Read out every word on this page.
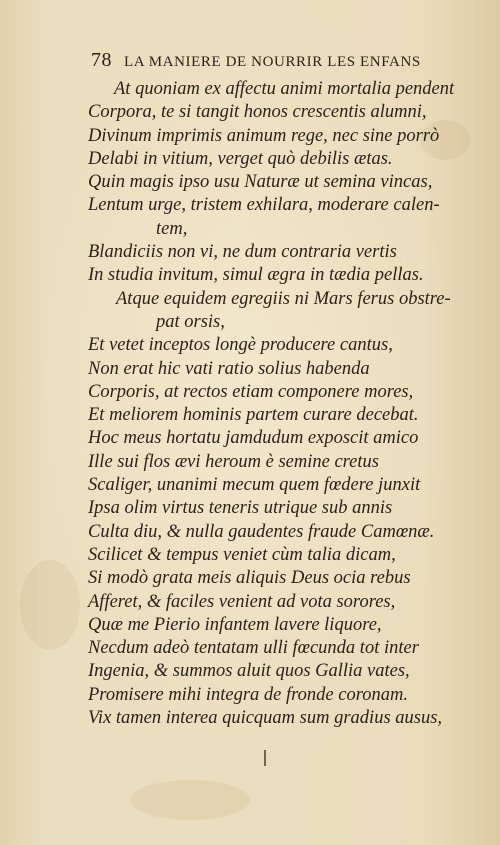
78 LA MANIERE DE NOURRIR LES ENFANS
At quoniam ex affectu animi mortalia pendent
Corpora, te si tangit honos crescentis alumni,
Divinum imprimis animum rege, nec sine porrò
Delabi in vitium, verget quò debilis ætas.
Quin magis ipso usu Naturæ ut semina vincas,
Lentum urge, tristem exhilara, moderare calen-
tem,
Blandiciis non vi, ne dum contraria vertis
In studia invitum, simul ægra in tædia pellas.
Atque equidem egregiis ni Mars ferus obstre-
pat orsis,
Et vetet inceptos longè producere cantus,
Non erat hic vati ratio solius habenda
Corporis, at rectos etiam componere mores,
Et meliorem hominis partem curare decebat.
Hoc meus hortatu jamdudum exposcit amico
Ille sui flos ævi heroum è semine cretus
Scaliger, unanimi mecum quem fœdere junxit
Ipsa olim virtus teneris utrique sub annis
Culta diu, & nulla gaudentes fraude Camœnæ.
Scilicet & tempus veniet cùm talia dicam,
Si modò grata meis aliquis Deus ocia rebus
Afferet, & faciles venient ad vota sorores,
Quæ me Pierio infantem lavere liquore,
Necdum adeò tentatam ulli fœcunda tot inter
Ingenia, & summos aluit quos Gallia vates,
Promisere mihi integra de fronde coronam.
Vix tamen interea quicquam sum gradius ausus,
